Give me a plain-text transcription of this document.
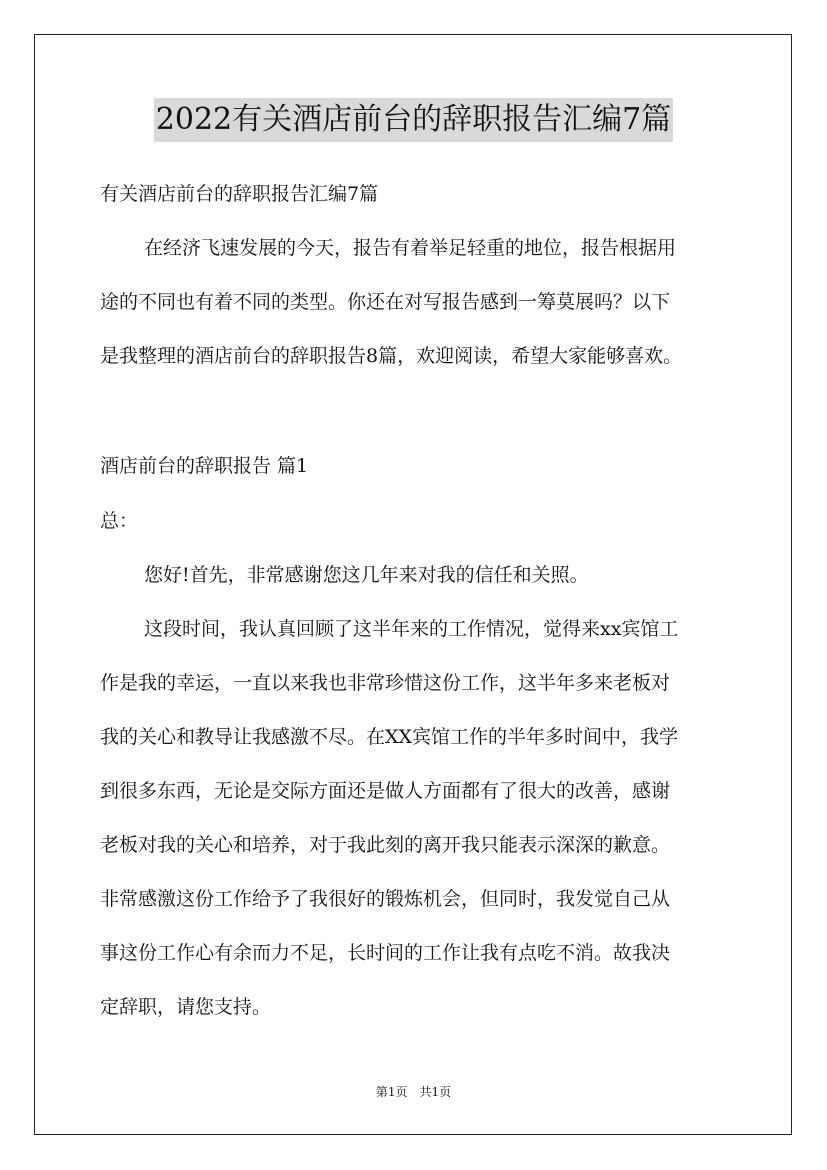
2022有关酒店前台的辞职报告汇编7篇
有关酒店前台的辞职报告汇编7篇
在经济飞速发展的今天，报告有着举足轻重的地位，报告根据用
途的不同也有着不同的类型。你还在对写报告感到一筹莫展吗？以下
是我整理的酒店前台的辞职报告8篇，欢迎阅读，希望大家能够喜欢。
酒店前台的辞职报告 篇1
总：
您好!首先，非常感谢您这几年来对我的信任和关照。
这段时间，我认真回顾了这半年来的工作情况，觉得来xx宾馆工
作是我的幸运，一直以来我也非常珍惜这份工作，这半年多来老板对
我的关心和教导让我感激不尽。在XX宾馆工作的半年多时间中，我学
到很多东西，无论是交际方面还是做人方面都有了很大的改善，感谢
老板对我的关心和培养，对于我此刻的离开我只能表示深深的歉意。
非常感激这份工作给予了我很好的锻炼机会，但同时，我发觉自己从
事这份工作心有余而力不足，长时间的工作让我有点吃不消。故我决
定辞职，请您支持。
第1页　共1页
